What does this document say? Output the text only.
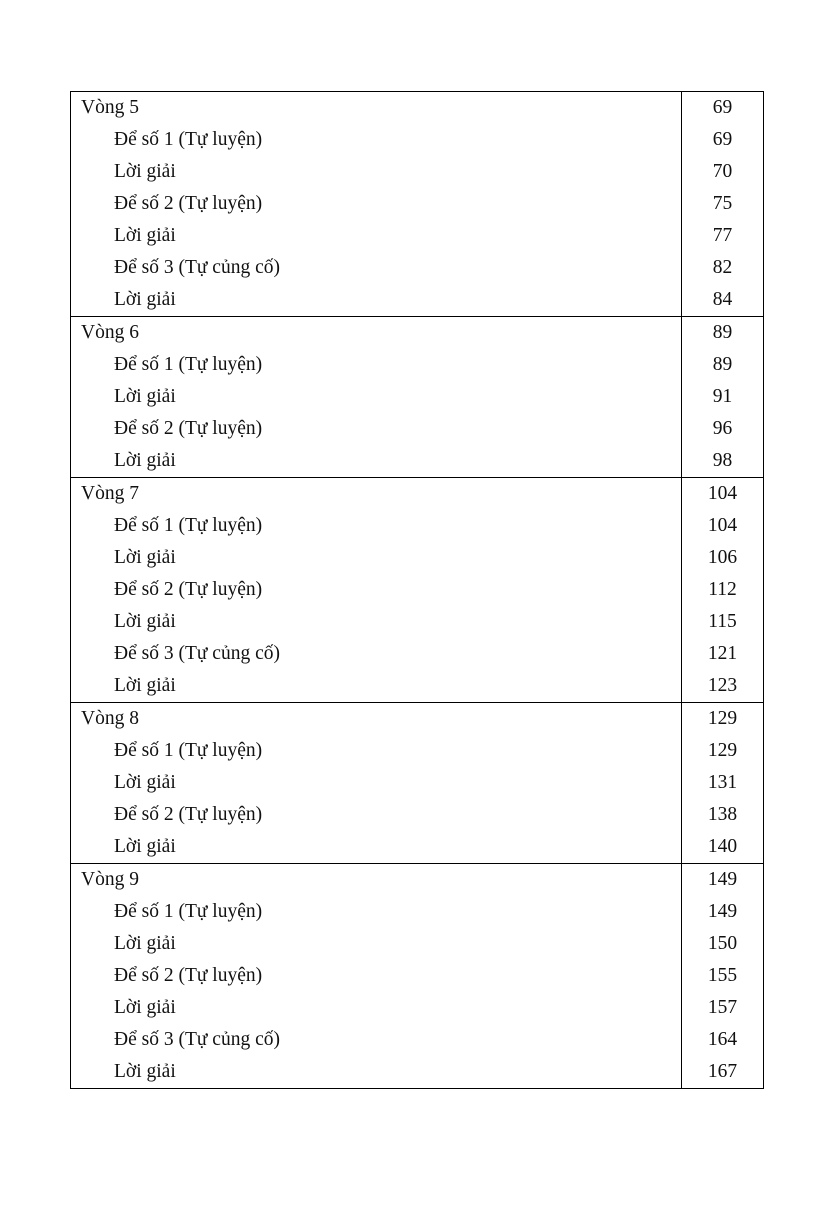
Vòng 5	69
Để số 1 (Tự luyện)	69
Lời giải	70
Để số 2 (Tự luyện)	75
Lời giải	77
Để số 3 (Tự củng cố)	82
Lời giải	84
Vòng 6	89
Để số 1 (Tự luyện)	89
Lời giải	91
Để số 2 (Tự luyện)	96
Lời giải	98
Vòng 7	104
Để số 1 (Tự luyện)	104
Lời giải	106
Để số 2 (Tự luyện)	112
Lời giải	115
Để số 3 (Tự củng cố)	121
Lời giải	123
Vòng 8	129
Để số 1 (Tự luyện)	129
Lời giải	131
Để số 2 (Tự luyện)	138
Lời giải	140
Vòng 9	149
Để số 1 (Tự luyện)	149
Lời giải	150
Để số 2 (Tự luyện)	155
Lời giải	157
Để số 3 (Tự củng cố)	164
Lời giải	167
